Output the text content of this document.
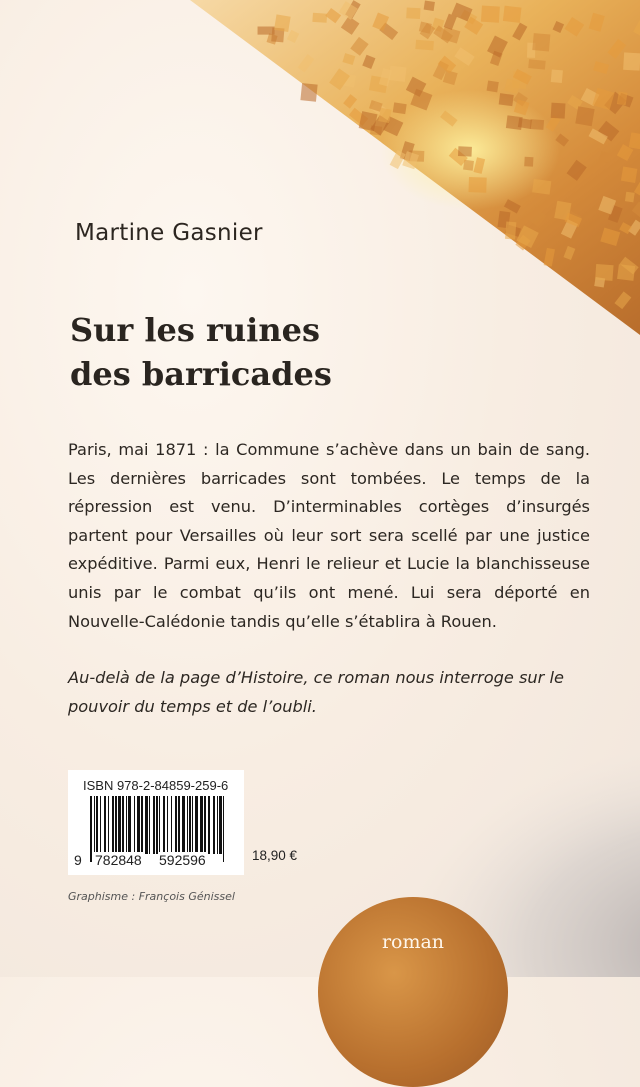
Martine Gasnier
Sur les ruines
des barricades

Paris, mai 1871 : la Commune s’achève dans un bain de sang. Les dernières barricades sont tombées. Le temps de la répression est venu. D’interminables cortèges d’insurgés partent pour Versailles où leur sort sera scellé par une justice expéditive. Parmi eux, Henri le relieur et Lucie la blanchisseuse unis par le combat qu’ils ont mené. Lui sera déporté en Nouvelle-Calédonie tandis qu’elle s’établira à Rouen.

Au-delà de la page d’Histoire, ce roman nous interroge sur le pouvoir du temps et de l’oubli.

ISBN 978-2-84859-259-6
9 782848 592596	18,90 €
Graphisme : François Génissel
roman
